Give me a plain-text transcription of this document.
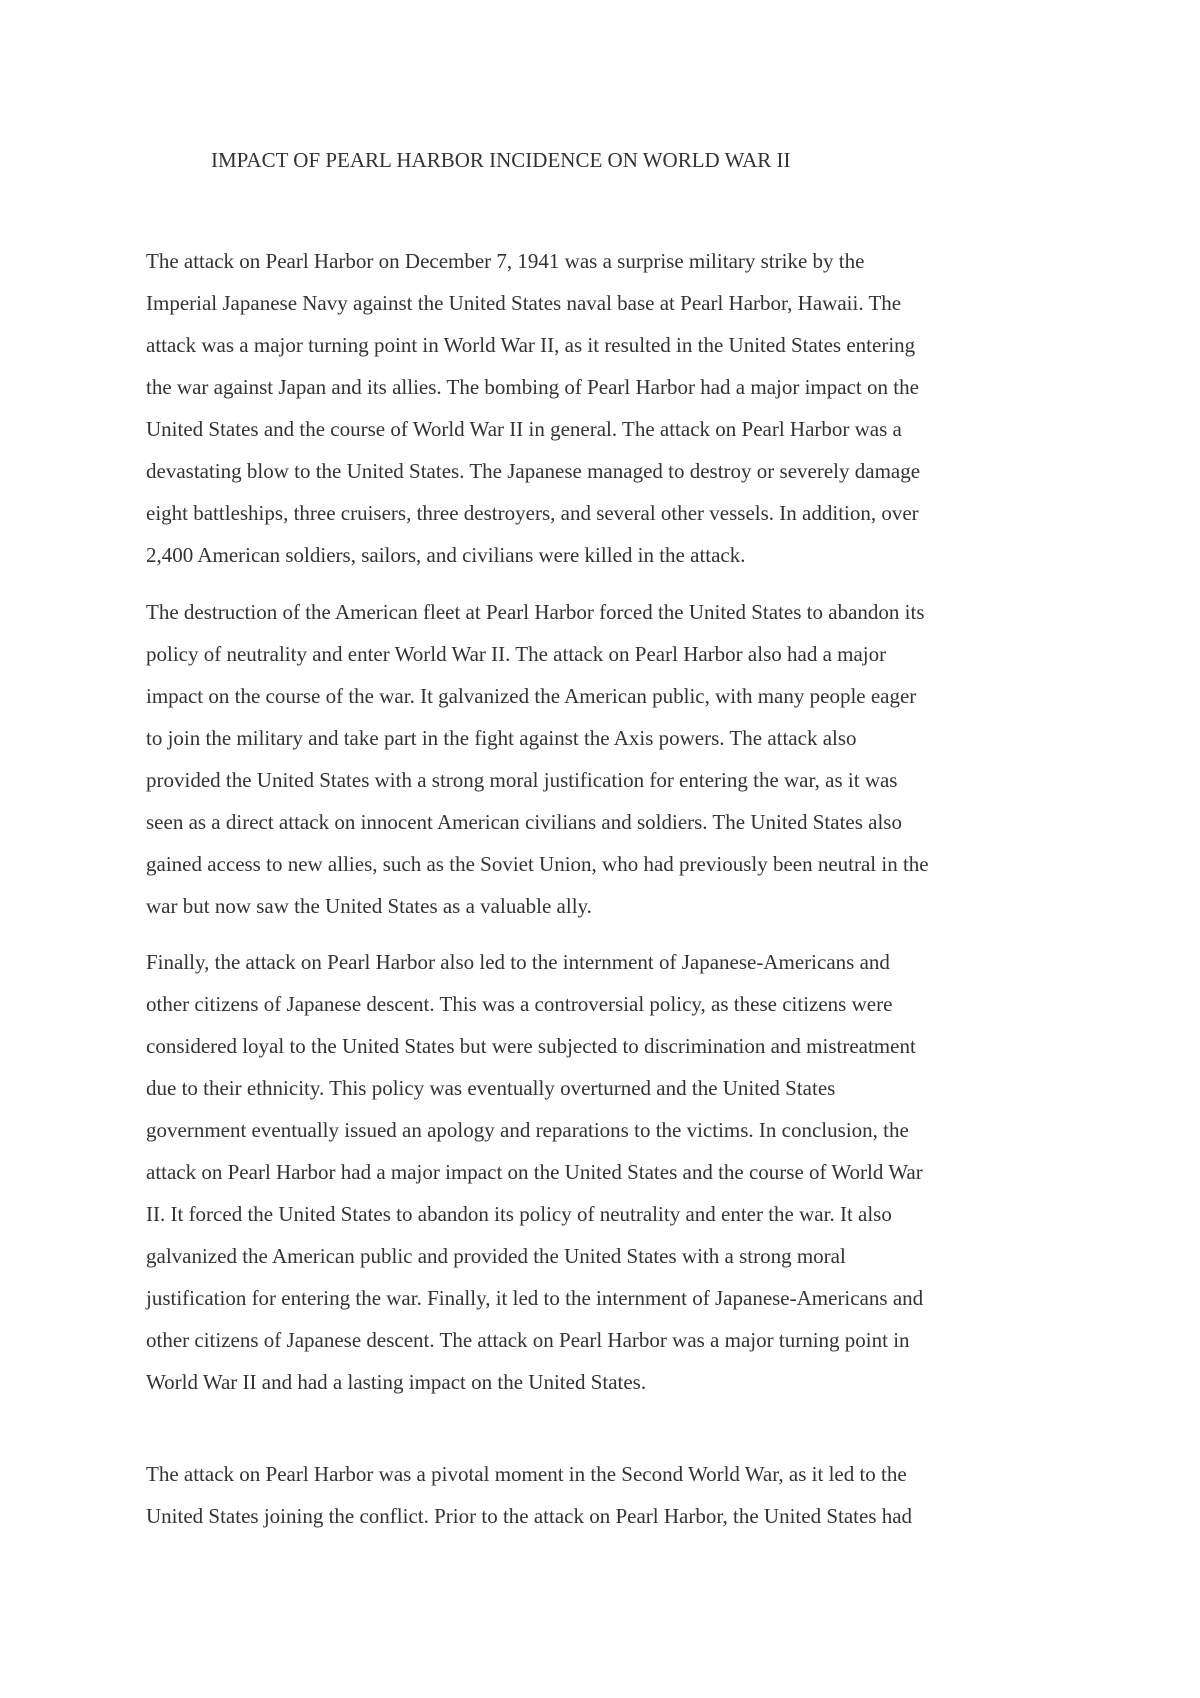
IMPACT OF PEARL HARBOR INCIDENCE ON WORLD WAR II

The attack on Pearl Harbor on December 7, 1941 was a surprise military strike by the
Imperial Japanese Navy against the United States naval base at Pearl Harbor, Hawaii. The
attack was a major turning point in World War II, as it resulted in the United States entering
the war against Japan and its allies. The bombing of Pearl Harbor had a major impact on the
United States and the course of World War II in general. The attack on Pearl Harbor was a
devastating blow to the United States. The Japanese managed to destroy or severely damage
eight battleships, three cruisers, three destroyers, and several other vessels. In addition, over
2,400 American soldiers, sailors, and civilians were killed in the attack.

The destruction of the American fleet at Pearl Harbor forced the United States to abandon its
policy of neutrality and enter World War II. The attack on Pearl Harbor also had a major
impact on the course of the war. It galvanized the American public, with many people eager
to join the military and take part in the fight against the Axis powers. The attack also
provided the United States with a strong moral justification for entering the war, as it was
seen as a direct attack on innocent American civilians and soldiers. The United States also
gained access to new allies, such as the Soviet Union, who had previously been neutral in the
war but now saw the United States as a valuable ally.

Finally, the attack on Pearl Harbor also led to the internment of Japanese-Americans and
other citizens of Japanese descent. This was a controversial policy, as these citizens were
considered loyal to the United States but were subjected to discrimination and mistreatment
due to their ethnicity. This policy was eventually overturned and the United States
government eventually issued an apology and reparations to the victims. In conclusion, the
attack on Pearl Harbor had a major impact on the United States and the course of World War
II. It forced the United States to abandon its policy of neutrality and enter the war. It also
galvanized the American public and provided the United States with a strong moral
justification for entering the war. Finally, it led to the internment of Japanese-Americans and
other citizens of Japanese descent. The attack on Pearl Harbor was a major turning point in
World War II and had a lasting impact on the United States.

The attack on Pearl Harbor was a pivotal moment in the Second World War, as it led to the
United States joining the conflict. Prior to the attack on Pearl Harbor, the United States had
